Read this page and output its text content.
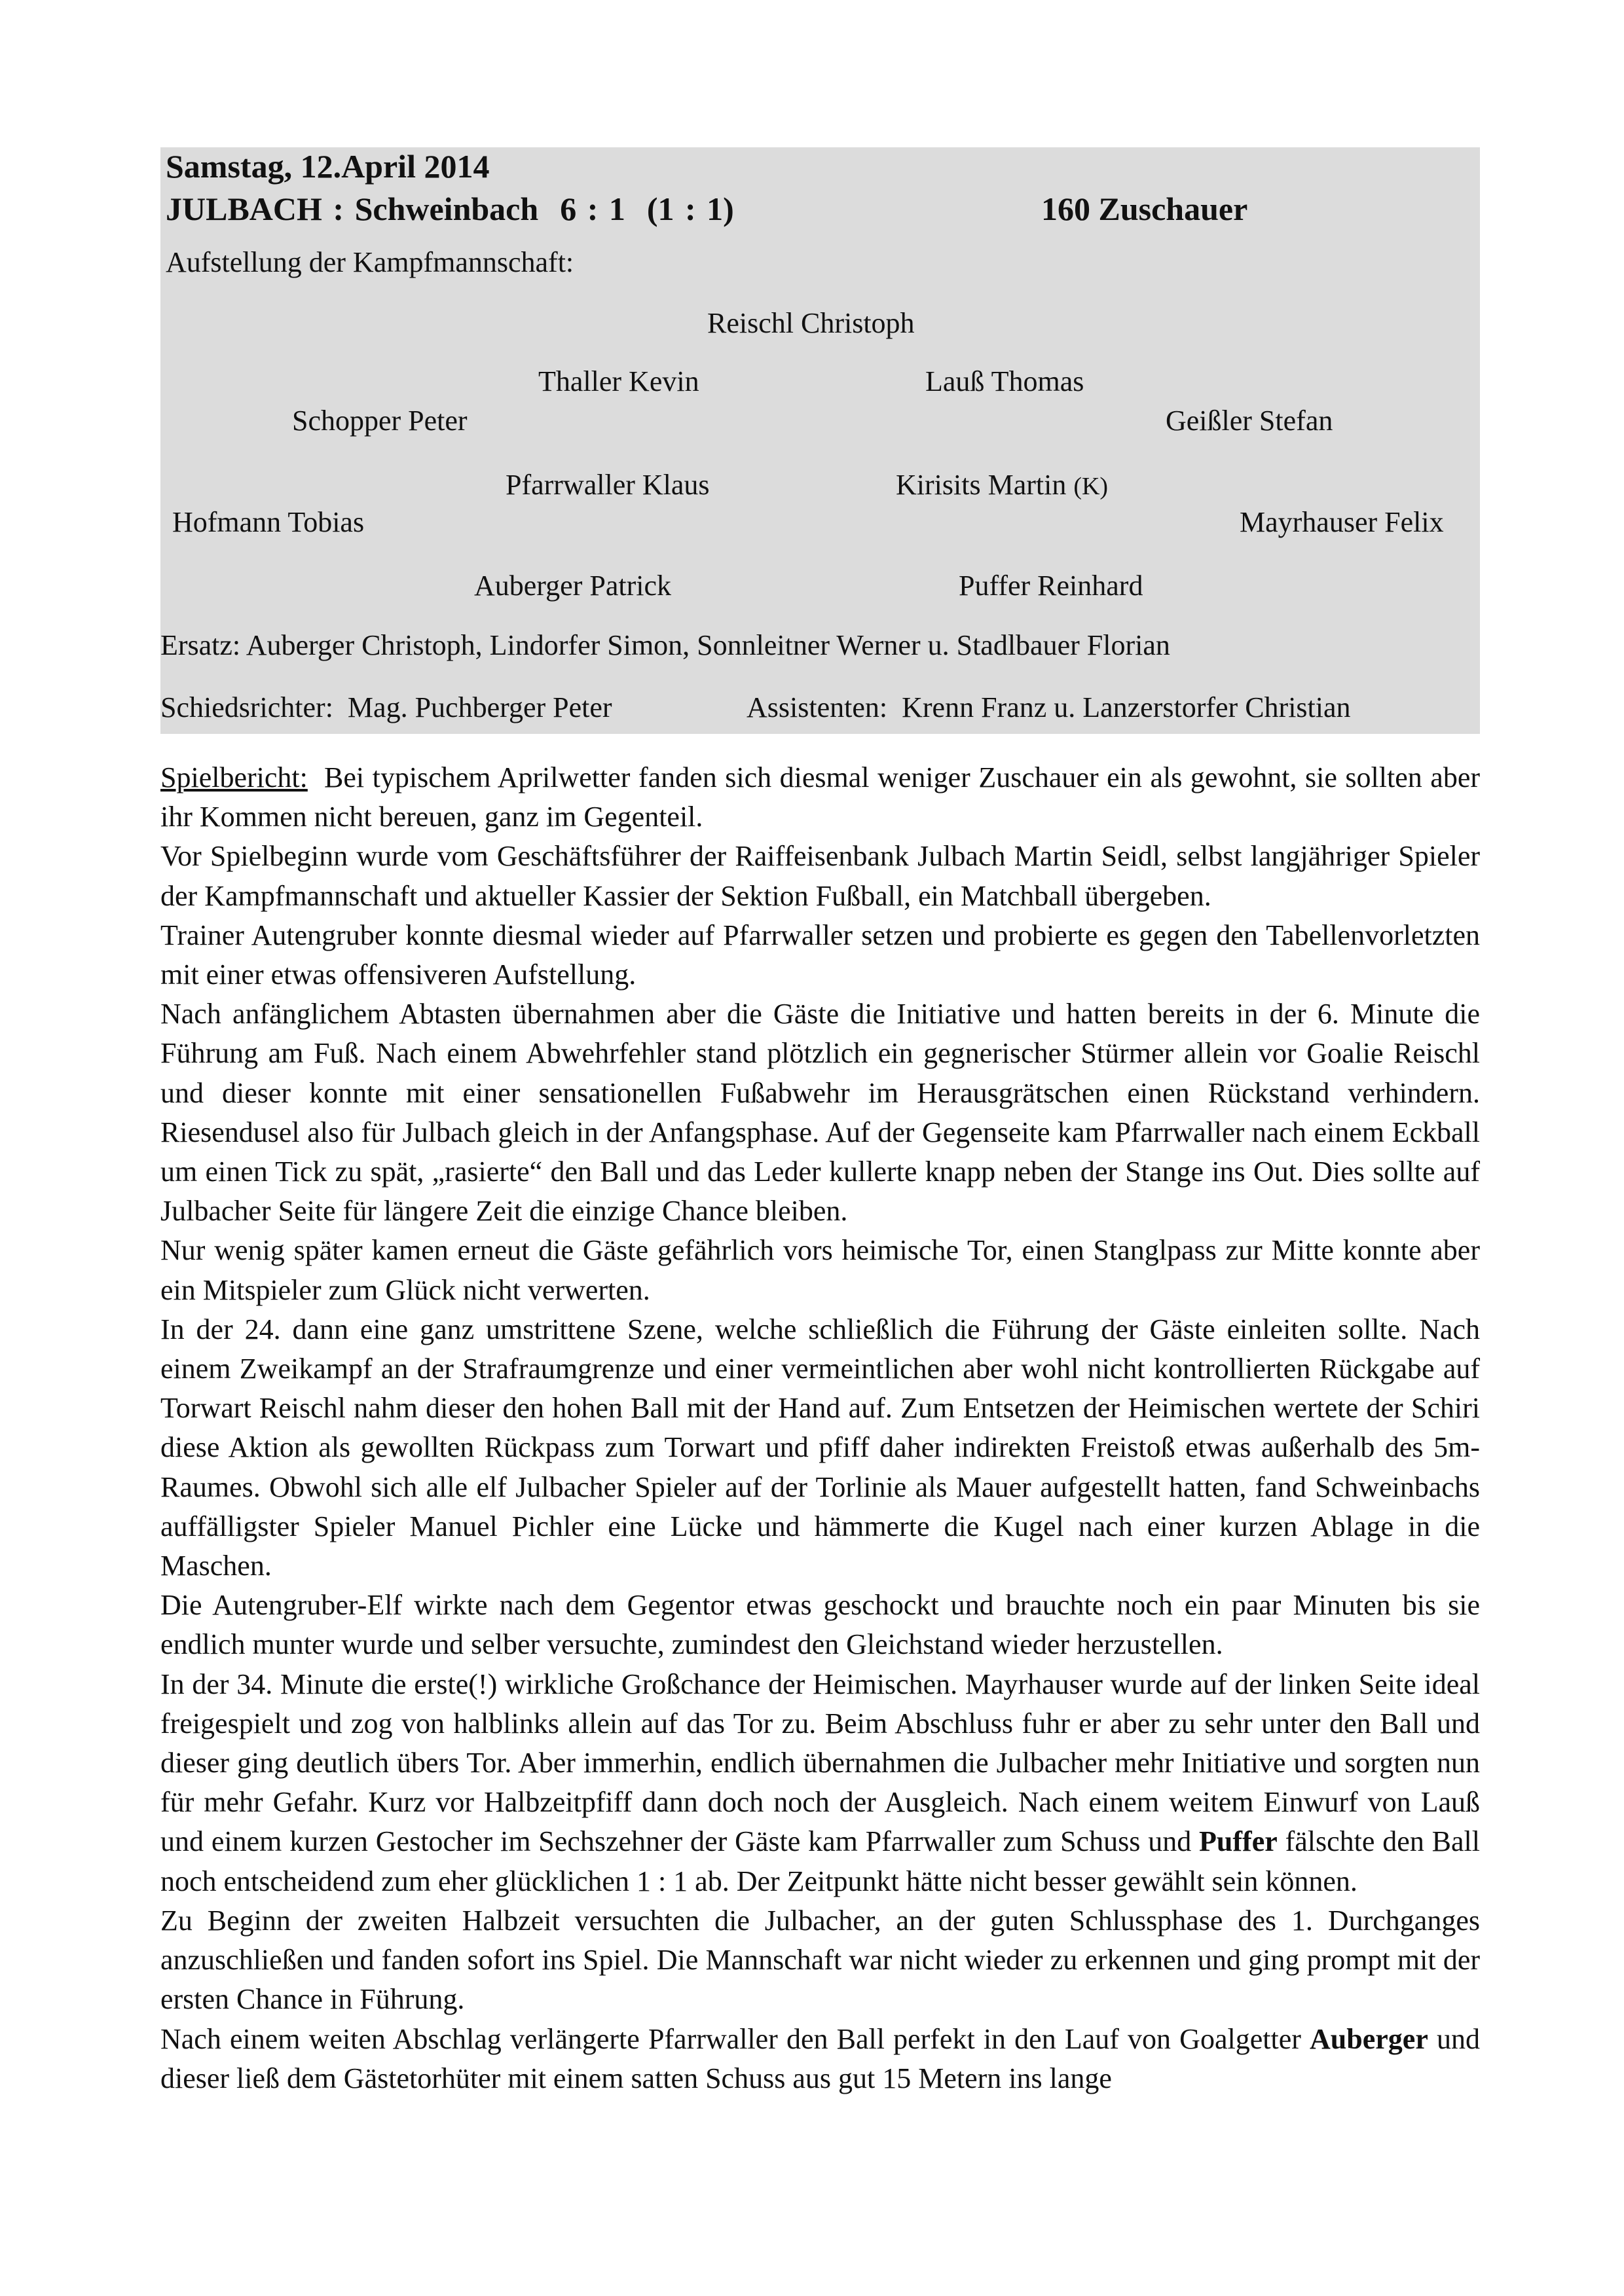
Samstag, 12.April 2014
JULBACH : Schweinbach 6 : 1 (1 : 1)	160 Zuschauer
Aufstellung der Kampfmannschaft:
Reischl Christoph
Thaller Kevin	Lauß Thomas
Schopper Peter	Geißler Stefan
Pfarrwaller Klaus	Kirisits Martin (K)
Hofmann Tobias	Mayrhauser Felix
Auberger Patrick	Puffer Reinhard
Ersatz: Auberger Christoph, Lindorfer Simon, Sonnleitner Werner u. Stadlbauer Florian
Schiedsrichter: Mag. Puchberger Peter	Assistenten: Krenn Franz u. Lanzerstorfer Christian

Spielbericht: Bei typischem Aprilwetter fanden sich diesmal weniger Zuschauer ein als gewohnt, sie sollten aber ihr Kommen nicht bereuen, ganz im Gegenteil.

Vor Spielbeginn wurde vom Geschäftsführer der Raiffeisenbank Julbach Martin Seidl, selbst langjähriger Spieler der Kampfmannschaft und aktueller Kassier der Sektion Fußball, ein Matchball übergeben.

Trainer Autengruber konnte diesmal wieder auf Pfarrwaller setzen und probierte es gegen den Tabellenvorletzten mit einer etwas offensiveren Aufstellung.

Nach anfänglichem Abtasten übernahmen aber die Gäste die Initiative und hatten bereits in der 6. Minute die Führung am Fuß. Nach einem Abwehrfehler stand plötzlich ein gegnerischer Stürmer allein vor Goalie Reischl und dieser konnte mit einer sensationellen Fußabwehr im Herausgrätschen einen Rückstand verhindern. Riesendusel also für Julbach gleich in der Anfangsphase. Auf der Gegenseite kam Pfarrwaller nach einem Eckball um einen Tick zu spät, „rasierte“ den Ball und das Leder kullerte knapp neben der Stange ins Out. Dies sollte auf Julbacher Seite für längere Zeit die einzige Chance bleiben.

Nur wenig später kamen erneut die Gäste gefährlich vors heimische Tor, einen Stanglpass zur Mitte konnte aber ein Mitspieler zum Glück nicht verwerten.

In der 24. dann eine ganz umstrittene Szene, welche schließlich die Führung der Gäste einleiten sollte. Nach einem Zweikampf an der Strafraumgrenze und einer vermeintlichen aber wohl nicht kontrollierten Rückgabe auf Torwart Reischl nahm dieser den hohen Ball mit der Hand auf. Zum Entsetzen der Heimischen wertete der Schiri diese Aktion als gewollten Rückpass zum Torwart und pfiff daher indirekten Freistoß etwas außerhalb des 5m-Raumes. Obwohl sich alle elf Julbacher Spieler auf der Torlinie als Mauer aufgestellt hatten, fand Schweinbachs auffälligster Spieler Manuel Pichler eine Lücke und hämmerte die Kugel nach einer kurzen Ablage in die Maschen.

Die Autengruber-Elf wirkte nach dem Gegentor etwas geschockt und brauchte noch ein paar Minuten bis sie endlich munter wurde und selber versuchte, zumindest den Gleichstand wieder herzustellen.

In der 34. Minute die erste(!) wirkliche Großchance der Heimischen. Mayrhauser wurde auf der linken Seite ideal freigespielt und zog von halblinks allein auf das Tor zu. Beim Abschluss fuhr er aber zu sehr unter den Ball und dieser ging deutlich übers Tor. Aber immerhin, endlich übernahmen die Julbacher mehr Initiative und sorgten nun für mehr Gefahr. Kurz vor Halbzeitpfiff dann doch noch der Ausgleich. Nach einem weitem Einwurf von Lauß und einem kurzen Gestocher im Sechszehner der Gäste kam Pfarrwaller zum Schuss und Puffer fälschte den Ball noch entscheidend zum eher glücklichen 1 : 1 ab. Der Zeitpunkt hätte nicht besser gewählt sein können.

Zu Beginn der zweiten Halbzeit versuchten die Julbacher, an der guten Schlussphase des 1. Durchganges anzuschließen und fanden sofort ins Spiel. Die Mannschaft war nicht wieder zu erkennen und ging prompt mit der ersten Chance in Führung.

Nach einem weiten Abschlag verlängerte Pfarrwaller den Ball perfekt in den Lauf von Goalgetter Auberger und dieser ließ dem Gästetorhüter mit einem satten Schuss aus gut 15 Metern ins lange
